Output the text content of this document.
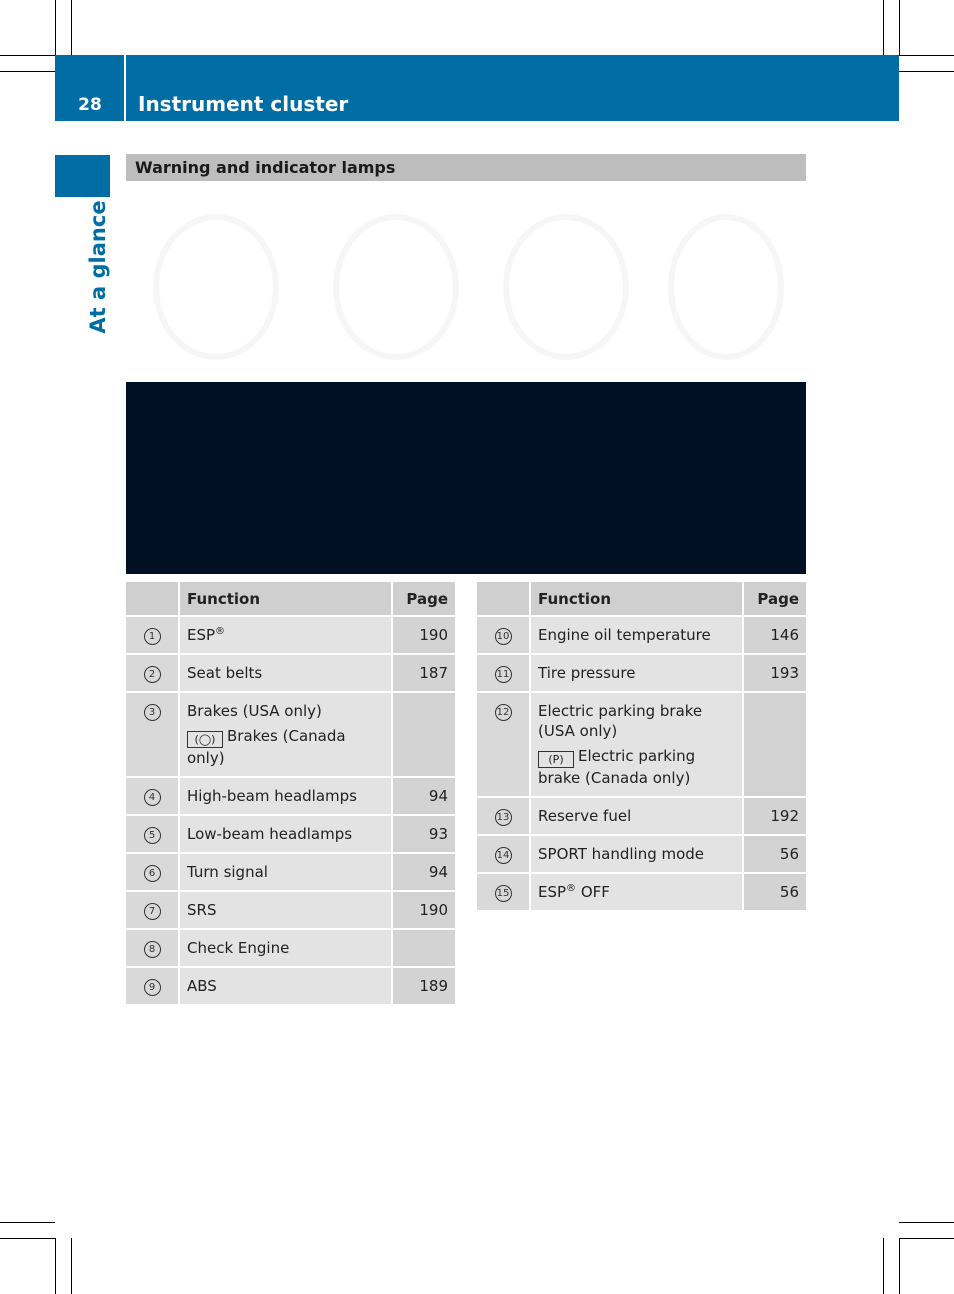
28	Instrument cluster
At a glance
Warning and indicator lamps
	Function	Page
1	ESP®	190
2	Seat belts	187
3	Brakes (USA only)
(◯) Brakes (Canada only)	

4	High-beam headlamps	94
5	Low-beam headlamps	93
6	Turn signal	94
7	SRS	190
8	Check Engine	
9	ABS	189
	Function	Page
10	Engine oil temperature	146
11	Tire pressure	193
12	Electric parking brake (USA only)
(P) Electric parking brake (Canada only)	

13	Reserve fuel	192
14	SPORT handling mode	56
15	ESP® OFF	56
